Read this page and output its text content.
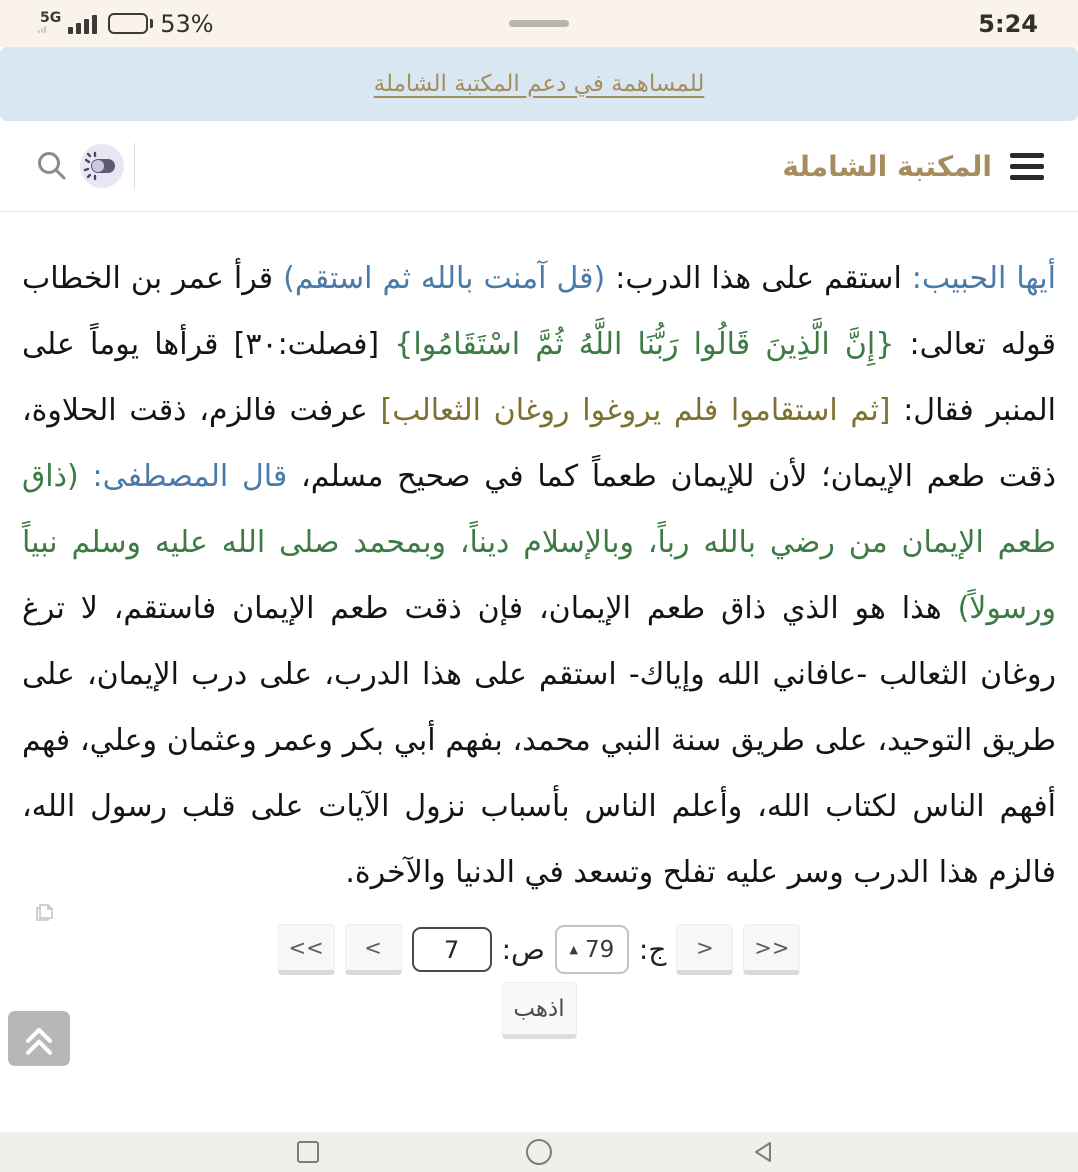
5:24
5G	53%
للمساهمة في دعم المكتبة الشاملة
المكتبة الشاملة

أيها الحبيب: استقم على هذا الدرب: (قل آمنت بالله ثم استقم) قرأ عمر بن الخطاب قوله تعالى: {إِنَّ الَّذِينَ قَالُوا رَبُّنَا اللَّهُ ثُمَّ اسْتَقَامُوا} [فصلت:٣٠] قرأها يوماً على المنبر فقال: [ثم استقاموا فلم يروغوا روغان الثعالب] عرفت فالزم، ذقت الحلاوة، ذقت طعم الإيمان؛ لأن للإيمان طعماً كما في صحيح مسلم، قال المصطفى: (ذاق طعم الإيمان من رضي بالله رباً، وبالإسلام ديناً، وبمحمد صلى الله عليه وسلم نبياً ورسولاً) هذا هو الذي ذاق طعم الإيمان، فإن ذقت طعم الإيمان فاستقم، لا ترغ روغان الثعالب -عافاني الله وإياك- استقم على هذا الدرب، على درب الإيمان، على طريق التوحيد، على طريق سنة النبي محمد، بفهم أبي بكر وعمر وعثمان وعلي، فهم أفهم الناس لكتاب الله، وأعلم الناس بأسباب نزول الآيات على قلب رسول الله، فالزم هذا الدرب وسر عليه تفلح وتسعد في الدنيا والآخرة.

>>
>
ج:
▲ 79
ص:
7
<
<<
اذهب
